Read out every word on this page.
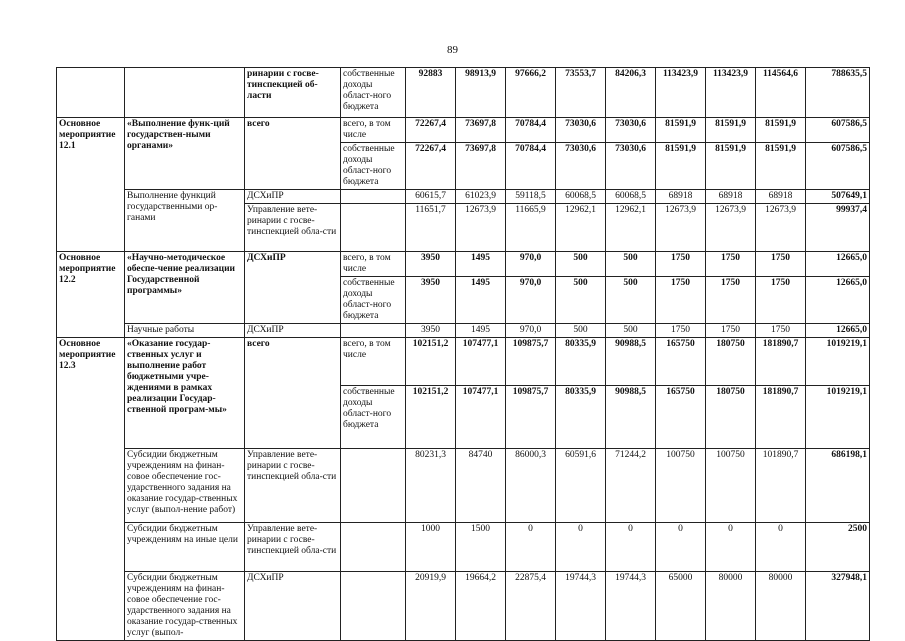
89
		ринарии с госве-тинспекцией об-ласти	собственные доходы област-ного бюджета	92883	98913,9	97666,2	73553,7	84206,3	113423,9	113423,9	114564,6	788635,5
Основное мероприятие 12.1	«Выполнение функ-ций государствен-ными органами»	всего	всего, в том числе	72267,4	73697,8	70784,4	73030,6	73030,6	81591,9	81591,9	81591,9	607586,5
			собственные доходы област-ного бюджета	72267,4	73697,8	70784,4	73030,6	73030,6	81591,9	81591,9	81591,9	607586,5
	Выполнение функций государственными ор-ганами	ДСХиПР		60615,7	61023,9	59118,5	60068,5	60068,5	68918	68918	68918	507649,1
		Управление вете-ринарии с госве-тинспекцией обла-сти		11651,7	12673,9	11665,9	12962,1	12962,1	12673,9	12673,9	12673,9	99937,4
Основное мероприятие 12.2	«Научно-методическое обеспе-чение реализации Государственной программы»	ДСХиПР	всего, в том числе	3950	1495	970,0	500	500	1750	1750	1750	12665,0
			собственные доходы област-ного бюджета	3950	1495	970,0	500	500	1750	1750	1750	12665,0
	Научные работы	ДСХиПР		3950	1495	970,0	500	500	1750	1750	1750	12665,0
Основное мероприятие 12.3	«Оказание государ-ственных услуг и выполнение работ бюджетными учре-ждениями в рамках реализации Государ-ственной програм-мы»	всего	всего, в том числе	102151,2	107477,1	109875,7	80335,9	90988,5	165750	180750	181890,7	1019219,1
			собственные доходы област-ного бюджета	102151,2	107477,1	109875,7	80335,9	90988,5	165750	180750	181890,7	1019219,1
	Субсидии бюджетным учреждениям на финан-совое обеспечение гос-ударственного задания на оказание государ-ственных услуг (выпол-нение работ)	Управление вете-ринарии с госве-тинспекцией обла-сти		80231,3	84740	86000,3	60591,6	71244,2	100750	100750	101890,7	686198,1
	Субсидии бюджетным учреждениям на иные цели	Управление вете-ринарии с госве-тинспекцией обла-сти		1000	1500	0	0	0	0	0	0	2500
	Субсидии бюджетным учреждениям на финан-совое обеспечение гос-ударственного задания на оказание государ-ственных услуг (выпол-	ДСХиПР		20919,9	19664,2	22875,4	19744,3	19744,3	65000	80000	80000	327948,1
